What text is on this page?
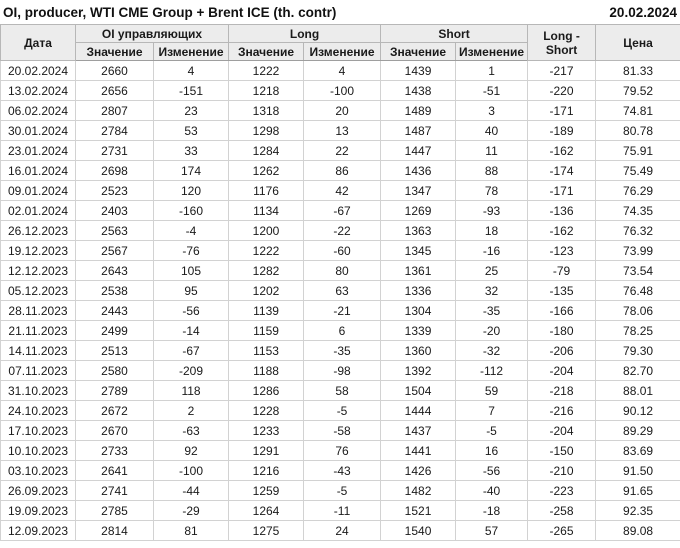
OI, producer, WTI CME Group + Brent ICE (th. contr)	20.02.2024
Дата	OI управляющих		Long		Short		Long - Short	Цена
	Значение	Изменение	Значение	Изменение	Значение	Изменение		
20.02.2024	2660	4	1222	4	1439	1	-217	81.33
13.02.2024	2656	-151	1218	-100	1438	-51	-220	79.52
06.02.2024	2807	23	1318	20	1489	3	-171	74.81
30.01.2024	2784	53	1298	13	1487	40	-189	80.78
23.01.2024	2731	33	1284	22	1447	11	-162	75.91
16.01.2024	2698	174	1262	86	1436	88	-174	75.49
09.01.2024	2523	120	1176	42	1347	78	-171	76.29
02.01.2024	2403	-160	1134	-67	1269	-93	-136	74.35
26.12.2023	2563	-4	1200	-22	1363	18	-162	76.32
19.12.2023	2567	-76	1222	-60	1345	-16	-123	73.99
12.12.2023	2643	105	1282	80	1361	25	-79	73.54
05.12.2023	2538	95	1202	63	1336	32	-135	76.48
28.11.2023	2443	-56	1139	-21	1304	-35	-166	78.06
21.11.2023	2499	-14	1159	6	1339	-20	-180	78.25
14.11.2023	2513	-67	1153	-35	1360	-32	-206	79.30
07.11.2023	2580	-209	1188	-98	1392	-112	-204	82.70
31.10.2023	2789	118	1286	58	1504	59	-218	88.01
24.10.2023	2672	2	1228	-5	1444	7	-216	90.12
17.10.2023	2670	-63	1233	-58	1437	-5	-204	89.29
10.10.2023	2733	92	1291	76	1441	16	-150	83.69
03.10.2023	2641	-100	1216	-43	1426	-56	-210	91.50
26.09.2023	2741	-44	1259	-5	1482	-40	-223	91.65
19.09.2023	2785	-29	1264	-11	1521	-18	-258	92.35
12.09.2023	2814	81	1275	24	1540	57	-265	89.08
